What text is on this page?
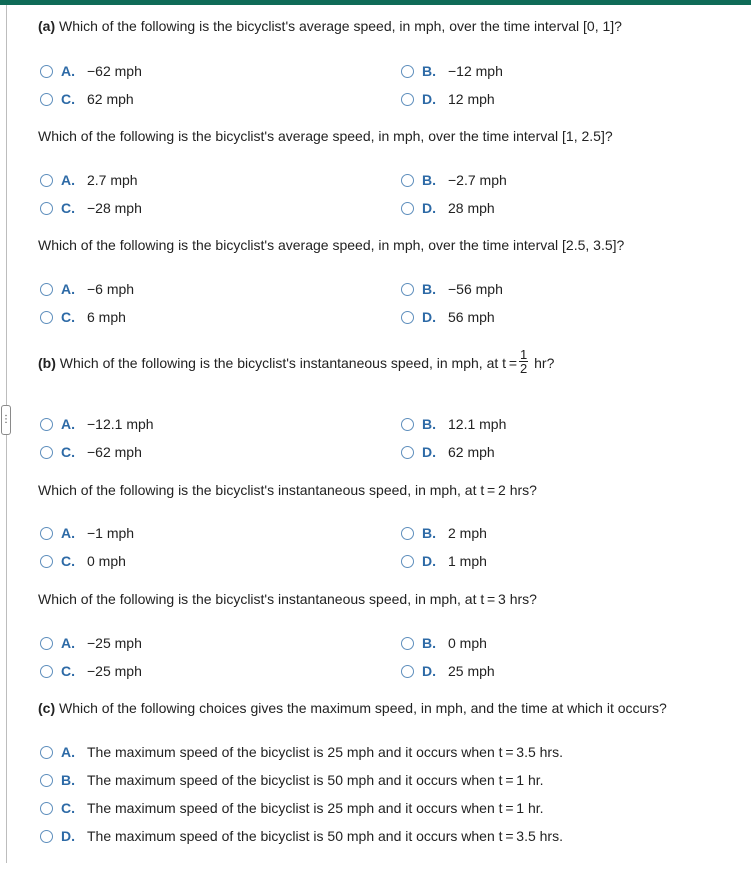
⋮
(a) Which of the following is the bicyclist's average speed, in mph, over the time interval [0, 1]?
A. −62 mph	B. −12 mph
C. 62 mph	D. 12 mph
Which of the following is the bicyclist's average speed, in mph, over the time interval [1, 2.5]?
A. 2.7 mph	B. −2.7 mph
C. −28 mph	D. 28 mph
Which of the following is the bicyclist's average speed, in mph, over the time interval [2.5, 3.5]?
A. −6 mph	B. −56 mph
C. 6 mph	D. 56 mph
(b)
Which of the following is the bicyclist's instantaneous speed, in mph, at $t = \frac{1}{2}$
hr?
A. −12.1 mph	B. 12.1 mph
C. −62 mph	D. 62 mph
Which of the following is the bicyclist's instantaneous speed, in mph, at t = 2 hrs?
A. −1 mph	B. 2 mph
C. 0 mph	D. 1 mph
Which of the following is the bicyclist's instantaneous speed, in mph, at t = 3 hrs?
A. −25 mph	B. 0 mph
C. −25 mph	D. 25 mph
(c) Which of the following choices gives the maximum speed, in mph, and the time at which it occurs?
A. The maximum speed of the bicyclist is 25 mph and it occurs when t = 3.5 hrs.
B. The maximum speed of the bicyclist is 50 mph and it occurs when t = 1 hr.
C. The maximum speed of the bicyclist is 25 mph and it occurs when t = 1 hr.
D. The maximum speed of the bicyclist is 50 mph and it occurs when t = 3.5 hrs.
